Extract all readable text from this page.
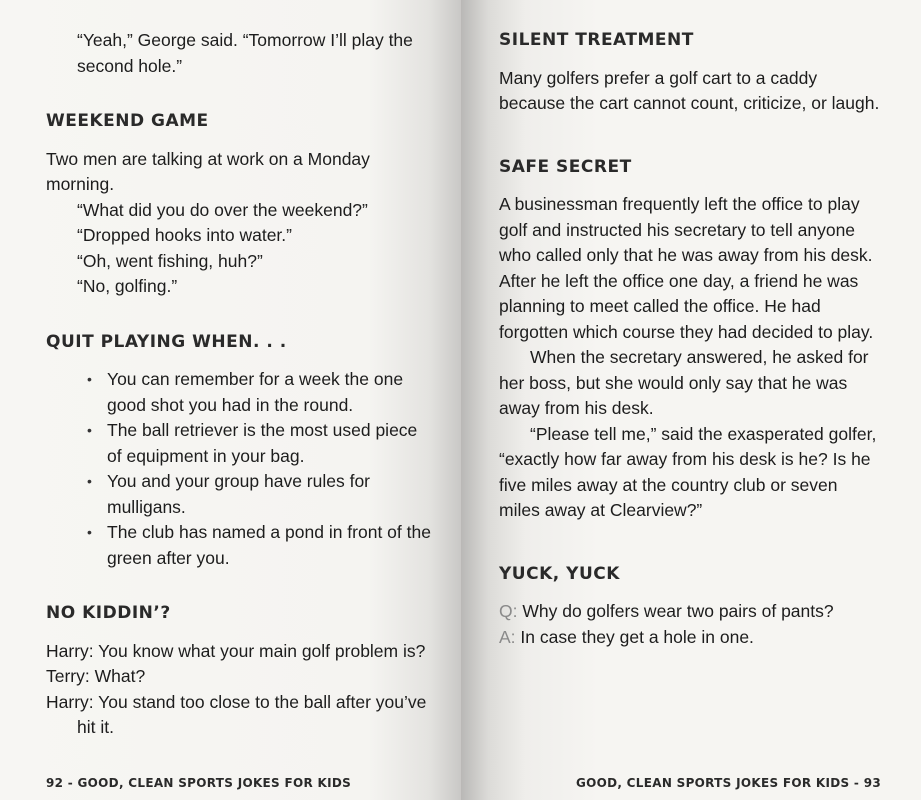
“Yeah,” George said. “Tomorrow I’ll play the second hole.”

WEEKEND GAME

Two men are talking at work on a Monday morning.

“What did you do over the weekend?”

“Dropped hooks into water.”

“Oh, went fishing, huh?”

“No, golfing.”

QUIT PLAYING WHEN. . .
• You can remember for a week the one good shot you had in the round.
• The ball retriever is the most used piece of equipment in your bag.
• You and your group have rules for mulligans.
• The club has named a pond in front of the green after you.
NO KIDDIN’?

Harry: You know what your main golf problem is?

Terry: What?

Harry: You stand too close to the ball after you’ve hit it.

92 - GOOD, CLEAN SPORTS JOKES FOR KIDS
SILENT TREATMENT

Many golfers prefer a golf cart to a caddy because the cart cannot count, criticize, or laugh.

SAFE SECRET

A businessman frequently left the office to play golf and instructed his secretary to tell anyone who called only that he was away from his desk. After he left the office one day, a friend he was planning to meet called the office. He had forgotten which course they had decided to play.

When the secretary answered, he asked for her boss, but she would only say that he was away from his desk.

“Please tell me,” said the exasperated golfer, “exactly how far away from his desk is he? Is he five miles away at the country club or seven miles away at Clearview?”

YUCK, YUCK

Q: Why do golfers wear two pairs of pants?

A: In case they get a hole in one.

GOOD, CLEAN SPORTS JOKES FOR KIDS - 93
